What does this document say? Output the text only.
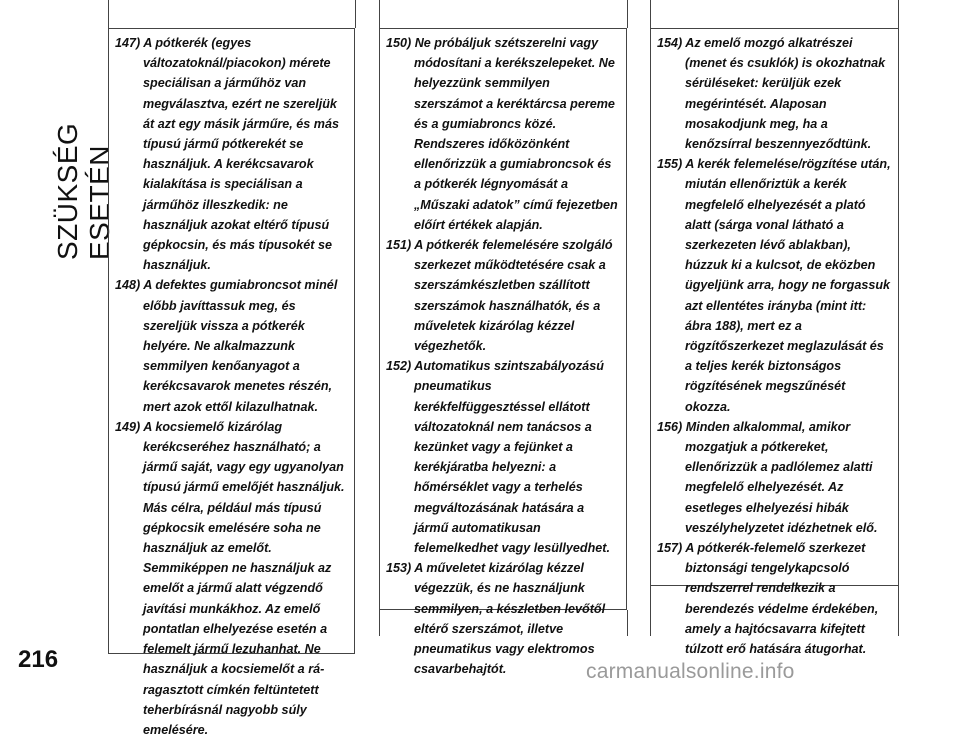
SZÜKSÉG ESETÉN

147) A pótkerék (egyes változatoknál/piacokon) mérete speciálisan a járműhöz van megválasztva, ezért ne szereljük át azt egy másik járműre, és más típusú jármű pótkerekét se használjuk. A kerékcsavarok kialakítása is speciálisan a járműhöz illeszkedik: ne használjuk azokat eltérő típusú gépkocsin, és más típusokét se használjuk.

148) A defektes gumiabroncsot minél előbb javíttassuk meg, és szereljük vissza a pótkerék helyére. Ne alkalmazzunk semmilyen kenőanyagot a kerékcsavarok menetes részén, mert azok ettől kilazulhatnak.

149) A kocsiemelő kizárólag kerékcseréhez használható; a jármű saját, vagy egy ugyanolyan típusú jármű emelőjét használjuk. Más célra, például más típusú gépkocsik emelésére soha ne használjuk az emelőt. Semmiképpen ne használjuk az emelőt a jármű alatt végzendő javítási munkákhoz. Az emelő pontatlan elhelyezése esetén a felemelt jármű lezuhanhat. Ne használjuk a kocsiemelőt a ráragasztott címkén feltüntetett teherbírásnál nagyobb súly emelésére.

150) Ne próbáljuk szétszerelni vagy módosítani a kerékszelepeket. Ne helyezzünk semmilyen szerszámot a keréktárcsa pereme és a gumiabroncs közé. Rendszeres időközönként ellenőrizzük a gumiabroncsok és a pótkerék légnyomását a „Műszaki adatok” című fejezetben előírt értékek alapján.

151) A pótkerék felemelésére szolgáló szerkezet működtetésére csak a szerszámkészletben szállított szerszámok használhatók, és a műveletek kizárólag kézzel végezhetők.

152) Automatikus szintszabályozású pneumatikus kerékfelfüggesztéssel ellátott változatoknál nem tanácsos a kezünket vagy a fejünket a kerékjáratba helyezni: a hőmérséklet vagy a terhelés megváltozásának hatására a jármű automatikusan felemelkedhet vagy lesüllyedhet.

153) A műveletet kizárólag kézzel végezzük, és ne használjunk semmilyen, a készletben levőtől eltérő szerszámot, illetve pneumatikus vagy elektromos csavarbehajtót.

154) Az emelő mozgó alkatrészei (menet és csuklók) is okozhatnak sérüléseket: kerüljük ezek megérintését. Alaposan mosakodjunk meg, ha a kenőzsírral beszennyeződtünk.

155) A kerék felemelése/rögzítése után, miután ellenőriztük a kerék megfelelő elhelyezését a plató alatt (sárga vonal látható a szerkezeten lévő ablakban), húzzuk ki a kulcsot, de eközben ügyeljünk arra, hogy ne forgassuk azt ellentétes irányba (mint itt: ábra 188), mert ez a rögzítőszerkezet meglazulását és a teljes kerék biztonságos rögzítésének megszűnését okozza.

156) Minden alkalommal, amikor mozgatjuk a pótkereket, ellenőrizzük a padlólemez alatti megfelelő elhelyezését. Az esetleges elhelyezési hibák veszélyhelyzetet idézhetnek elő.

157) A pótkerék-felemelő szerkezet biztonsági tengelykapcsoló rendszerrel rendelkezik a berendezés védelme érdekében, amely a hajtócsavarra kifejtett túlzott erő hatására átugorhat.

216	carmanualsonline.info
